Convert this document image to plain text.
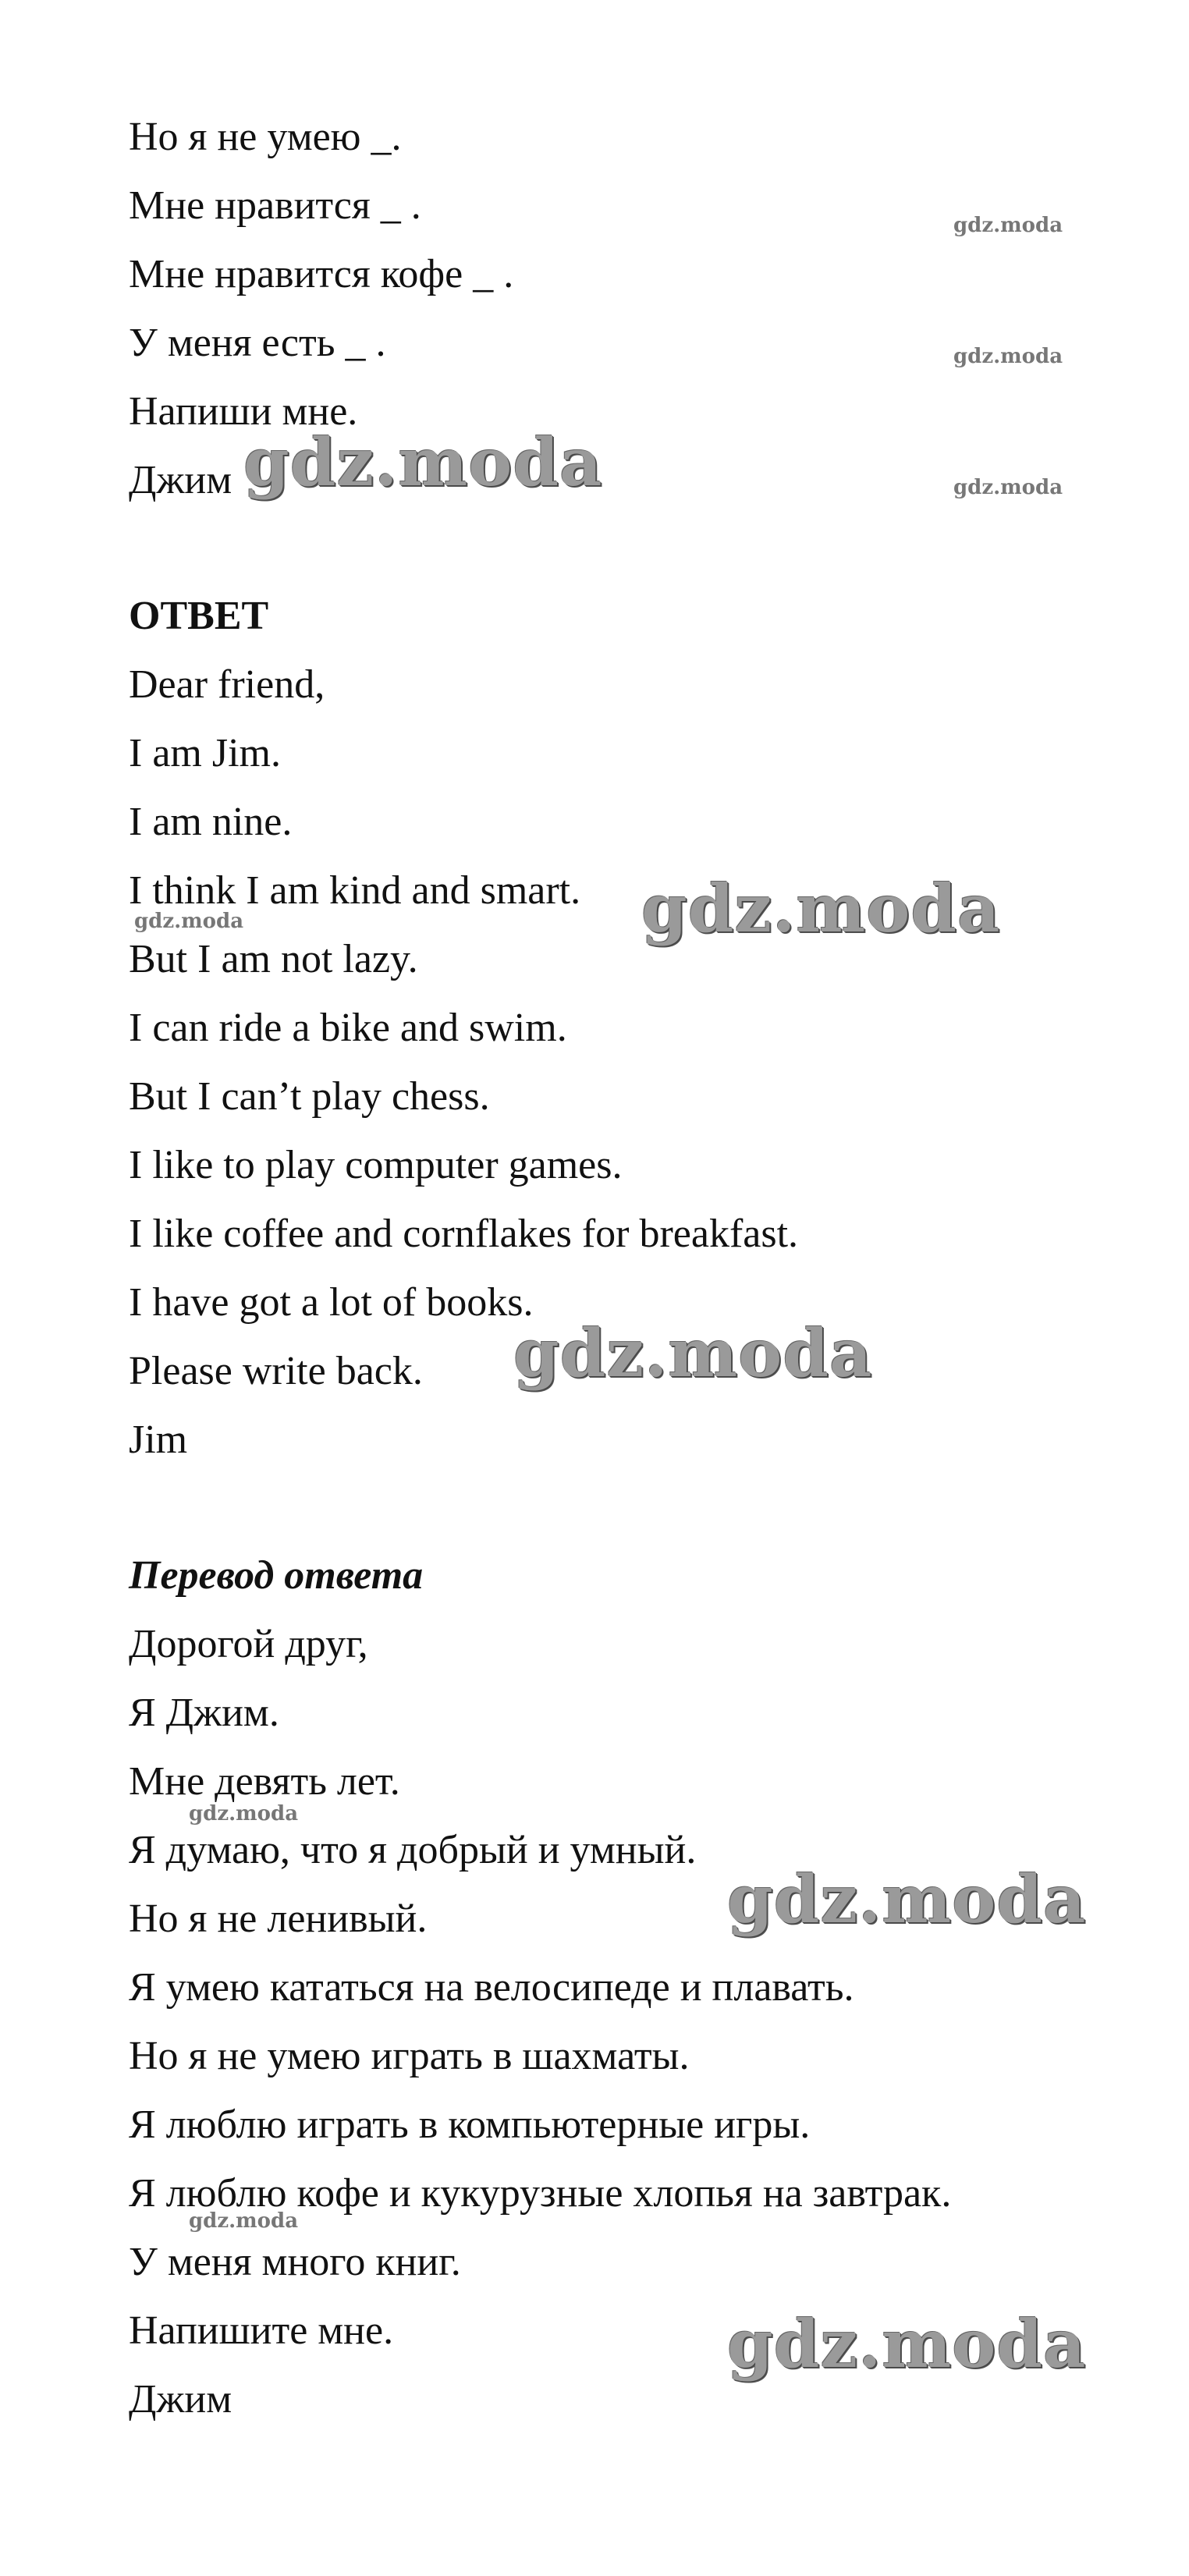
Но я не умею _.
Мне нравится _ .
Мне нравится кофе _ .
У меня есть _ .
Напиши мне.
Джим
ОТВЕТ
Dear friend,
I am Jim.
I am nine.
I think I am kind and smart.
But I am not lazy.
I can ride a bike and swim.
But I can’t play chess.
I like to play computer games.
I like coffee and cornflakes for breakfast.
I have got a lot of books.
Please write back.
Jim
Перевод ответа
Дорогой друг,
Я Джим.
Мне девять лет.
Я думаю, что я добрый и умный.
Но я не ленивый.
Я умею кататься на велосипеде и плавать.
Но я не умею играть в шахматы.
Я люблю играть в компьютерные игры.
Я люблю кофе и кукурузные хлопья на завтрак.
У меня много книг.
Напишите мне.
Джим
gdz.moda
gdz.moda
gdz.moda
gdz.moda
gdz.moda	gdz.moda
gdz.moda
gdz.moda
gdz.moda
gdz.moda
gdz.moda
